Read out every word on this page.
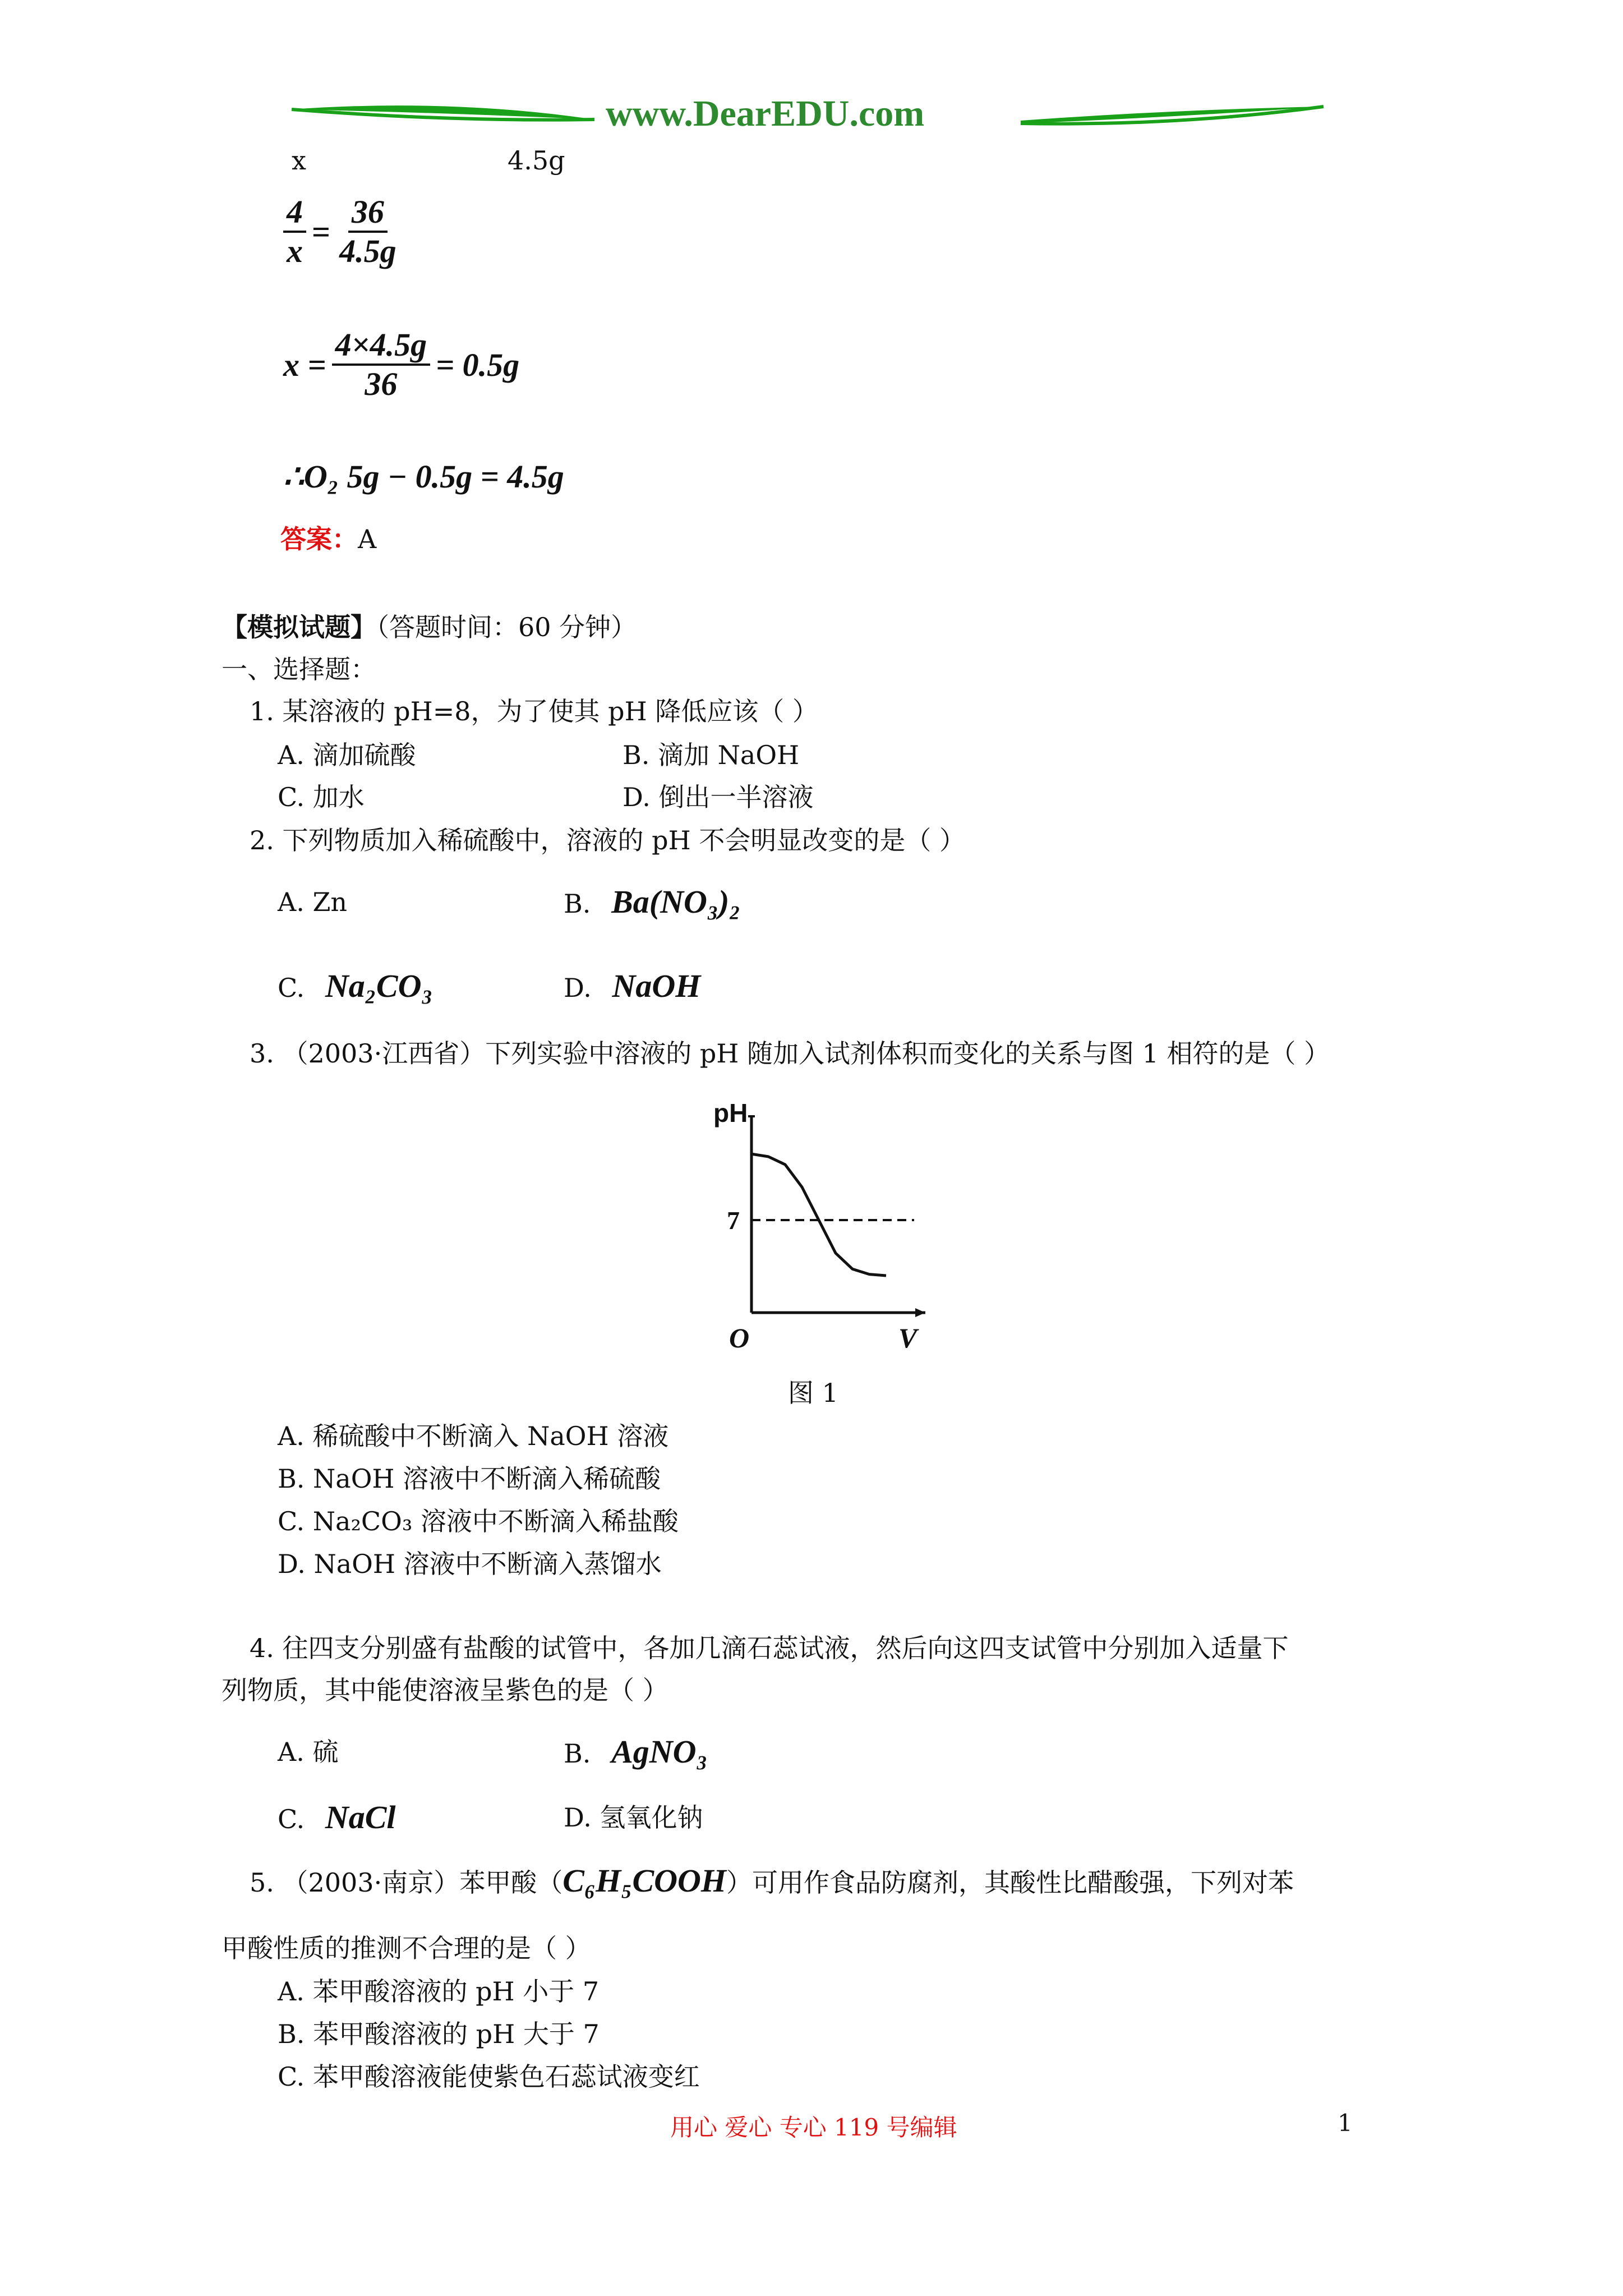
www.DearEDU.com
x	4.5g
$\frac{4}{x} = \frac{36}{4.5g}$
$x = \frac{4\times 4.5g}{36} = 0.5g$
∴O₂ 5g − 0.5g = 4.5g
答案：A
【模拟试题】（答题时间：60 分钟）
一、选择题：
1. 某溶液的 pH=8，为了使其 pH 降低应该（ ）
A. 滴加硫酸	B. 滴加 NaOH
C. 加水	D. 倒出一半溶液
2. 下列物质加入稀硫酸中，溶液的 pH 不会明显改变的是（ ）
A. Zn	B. Ba(NO₃)₂
C. Na₂CO₃	D. NaOH
3. （2003·江西省）下列实验中溶液的 pH 随加入试剂体积而变化的关系与图 1 相符的是（ ）
pH
7
O	V
图 1
A. 稀硫酸中不断滴入 NaOH 溶液
B. NaOH 溶液中不断滴入稀硫酸
C. Na₂CO₃ 溶液中不断滴入稀盐酸
D. NaOH 溶液中不断滴入蒸馏水
4. 往四支分别盛有盐酸的试管中，各加几滴石蕊试液，然后向这四支试管中分别加入适量下
列物质，其中能使溶液呈紫色的是（ ）
A. 硫	B. AgNO₃
C. NaCl	D. 氢氧化钠
5. （2003·南京）苯甲酸（C₆H₅COOH）可用作食品防腐剂，其酸性比醋酸强，下列对苯
甲酸性质的推测不合理的是（ ）
A. 苯甲酸溶液的 pH 小于 7
B. 苯甲酸溶液的 pH 大于 7
C. 苯甲酸溶液能使紫色石蕊试液变红
用心 爱心 专心 119 号编辑	1
